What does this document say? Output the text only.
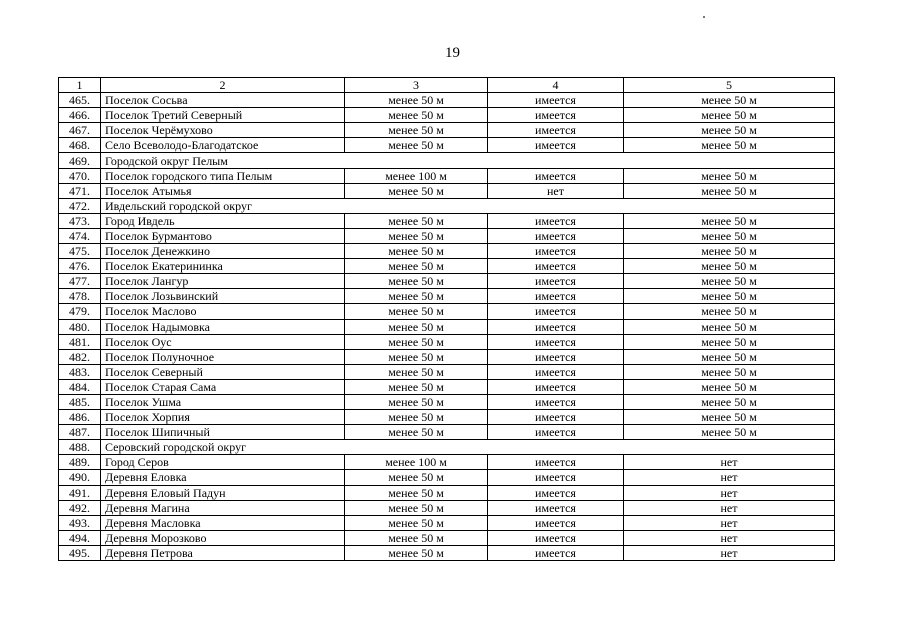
19
1	2	3	4	5
465.	Поселок Сосьва	менее 50 м	имеется	менее 50 м
466.	Поселок Третий Северный	менее 50 м	имеется	менее 50 м
467.	Поселок Черёмухово	менее 50 м	имеется	менее 50 м
468.	Село Всеволодо-Благодатское	менее 50 м	имеется	менее 50 м
469.	Городской округ Пелым			
470.	Поселок городского типа Пелым	менее 100 м	имеется	менее 50 м
471.	Поселок Атымья	менее 50 м	нет	менее 50 м
472.	Ивдельский городской округ			
473.	Город Ивдель	менее 50 м	имеется	менее 50 м
474.	Поселок Бурмантово	менее 50 м	имеется	менее 50 м
475.	Поселок Денежкино	менее 50 м	имеется	менее 50 м
476.	Поселок Екатерининка	менее 50 м	имеется	менее 50 м
477.	Поселок Лангур	менее 50 м	имеется	менее 50 м
478.	Поселок Лозьвинский	менее 50 м	имеется	менее 50 м
479.	Поселок Маслово	менее 50 м	имеется	менее 50 м
480.	Поселок Надымовка	менее 50 м	имеется	менее 50 м
481.	Поселок Оус	менее 50 м	имеется	менее 50 м
482.	Поселок Полуночное	менее 50 м	имеется	менее 50 м
483.	Поселок Северный	менее 50 м	имеется	менее 50 м
484.	Поселок Старая Сама	менее 50 м	имеется	менее 50 м
485.	Поселок Ушма	менее 50 м	имеется	менее 50 м
486.	Поселок Хорпия	менее 50 м	имеется	менее 50 м
487.	Поселок Шипичный	менее 50 м	имеется	менее 50 м
488.	Серовский городской округ			
489.	Город Серов	менее 100 м	имеется	нет
490.	Деревня Еловка	менее 50 м	имеется	нет
491.	Деревня Еловый Падун	менее 50 м	имеется	нет
492.	Деревня Магина	менее 50 м	имеется	нет
493.	Деревня Масловка	менее 50 м	имеется	нет
494.	Деревня Морозково	менее 50 м	имеется	нет
495.	Деревня Петрова	менее 50 м	имеется	нет
